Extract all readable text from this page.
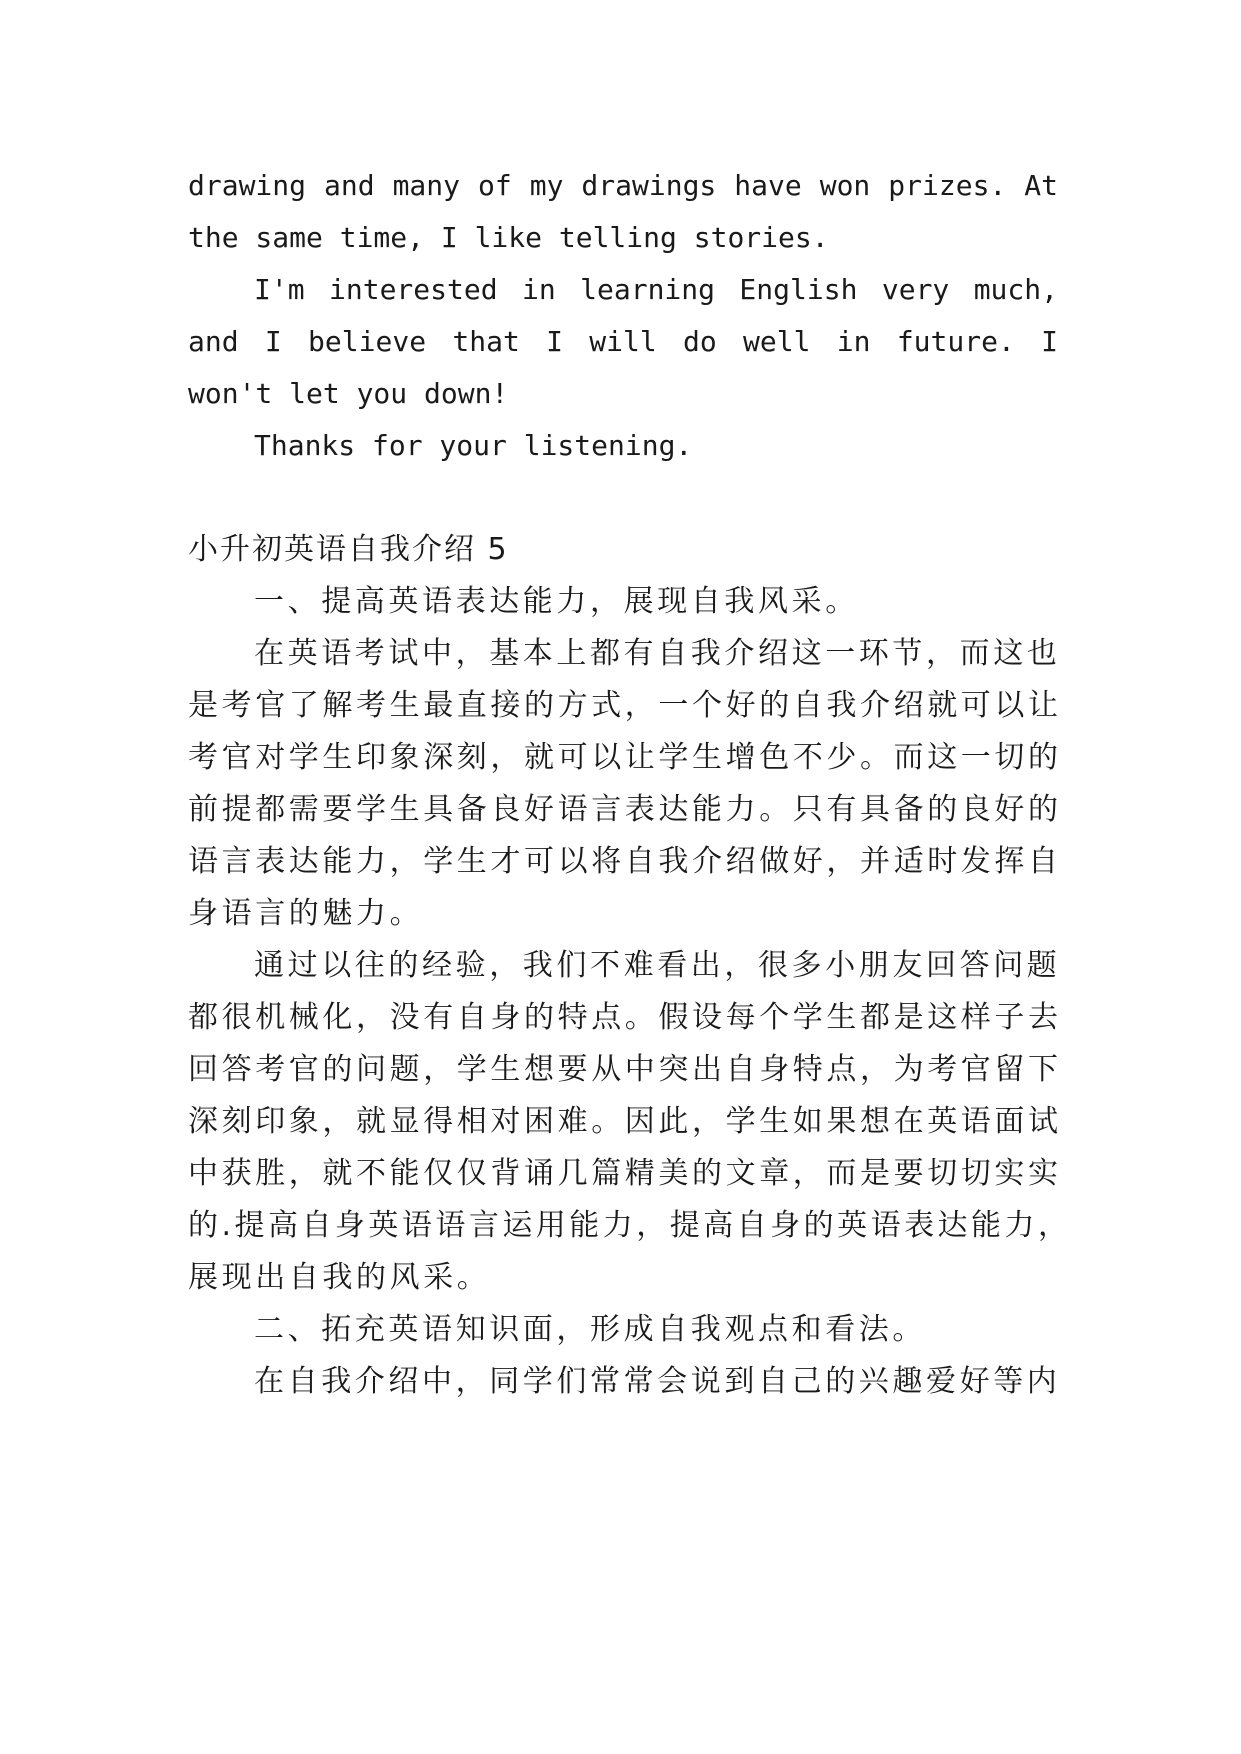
drawing and many of my drawings have won prizes. At
the same time, I like telling stories.
I'm interested in learning English very much,
and I believe that I will do well in future. I
won't let you down!
Thanks for your listening.
小升初英语自我介绍 5
一、提高英语表达能力，展现自我风采。
在英语考试中，基本上都有自我介绍这一环节，而这也
是考官了解考生最直接的方式，一个好的自我介绍就可以让
考官对学生印象深刻，就可以让学生增色不少。而这一切的
前提都需要学生具备良好语言表达能力。只有具备的良好的
语言表达能力，学生才可以将自我介绍做好，并适时发挥自
身语言的魅力。
通过以往的经验，我们不难看出，很多小朋友回答问题
都很机械化，没有自身的特点。假设每个学生都是这样子去
回答考官的问题，学生想要从中突出自身特点，为考官留下
深刻印象，就显得相对困难。因此，学生如果想在英语面试
中获胜，就不能仅仅背诵几篇精美的文章，而是要切切实实
的.提高自身英语语言运用能力，提高自身的英语表达能力，
展现出自我的风采。
二、拓充英语知识面，形成自我观点和看法。
在自我介绍中，同学们常常会说到自己的兴趣爱好等内
